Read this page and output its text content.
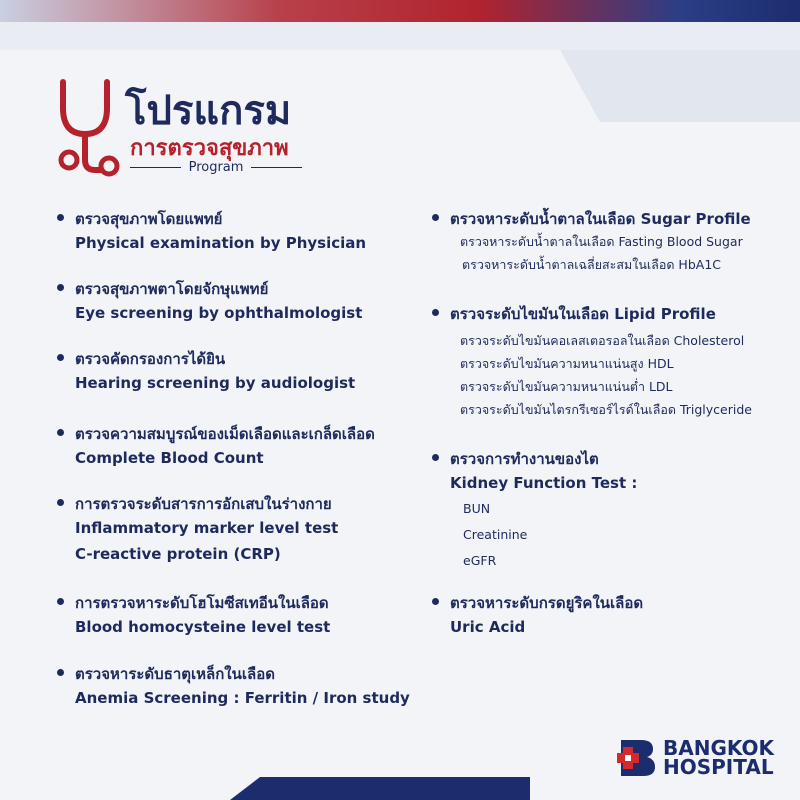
โปรแกรม
การตรวจสุขภาพ
Program
ตรวจสุขภาพโดยแพทย์
Physical examination by Physician
ตรวจสุขภาพตาโดยจักษุแพทย์
Eye screening by ophthalmologist
ตรวจคัดกรองการได้ยิน
Hearing screening by audiologist
ตรวจความสมบูรณ์ของเม็ดเลือดและเกล็ดเลือด
Complete Blood Count
การตรวจระดับสารการอักเสบในร่างกาย
Inflammatory marker level test
C-reactive protein (CRP)
การตรวจหาระดับโฮโมซีสเทอีนในเลือด
Blood homocysteine level test
ตรวจหาระดับธาตุเหล็กในเลือด
Anemia Screening : Ferritin / Iron study
ตรวจหาระดับน้ำตาลในเลือด Sugar Profile
ตรวจหาระดับน้ำตาลในเลือด Fasting Blood Sugar
ตรวจหาระดับน้ำตาลเฉลี่ยสะสมในเลือด HbA1C
ตรวจระดับไขมันในเลือด Lipid Profile
ตรวจระดับไขมันคอเลสเตอรอลในเลือด Cholesterol
ตรวจระดับไขมันความหนาแน่นสูง HDL
ตรวจระดับไขมันความหนาแน่นต่ำ LDL
ตรวจระดับไขมันไตรกรีเซอร์ไรด์ในเลือด Triglyceride
ตรวจการทำงานของไต
Kidney Function Test :
BUN
Creatinine
eGFR
ตรวจหาระดับกรดยูริคในเลือด
Uric Acid
BANGKOK
HOSPITAL
